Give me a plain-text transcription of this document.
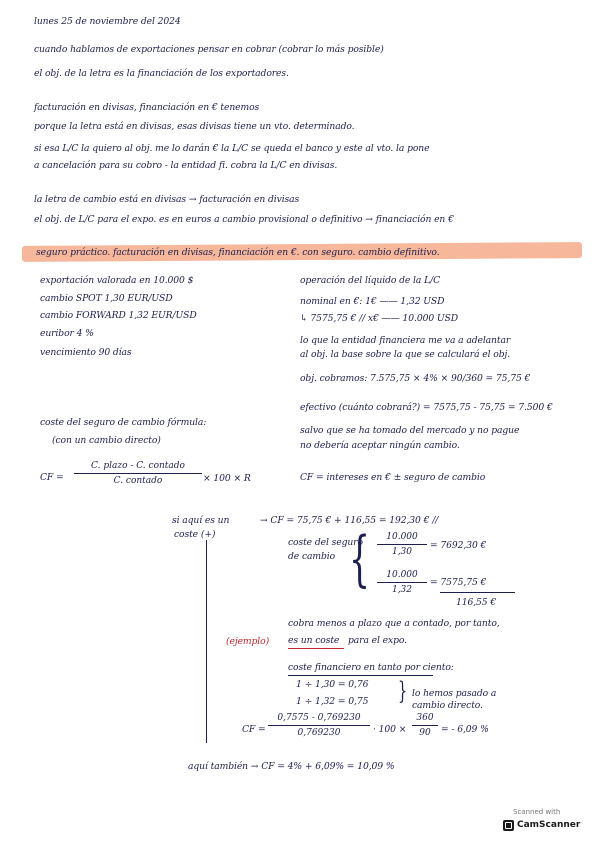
lunes 25 de noviembre del 2024
cuando hablamos de exportaciones pensar en cobrar (cobrar lo más posible)
el obj. de la letra es la financiación de los exportadores.
facturación en divisas, financiación en € tenemos
porque la letra está en divisas, esas divisas tiene un vto. determinado.
si esa L/C la quiero al obj. me lo darán € la L/C se queda el banco y este al vto. la pone
a cancelación para su cobro - la entidad fi. cobra la L/C en divisas.
la letra de cambio está en divisas → facturación en divisas
el obj. de L/C para el expo. es en euros a cambio provisional o definitivo → financiación en €
seguro práctico. facturación en divisas, financiación en €. con seguro. cambio definitivo.
exportación valorada en 10.000 $
cambio SPOT 1,30 EUR/USD
cambio FORWARD 1,32 EUR/USD
euribor 4 %
vencimiento 90 días
operación del líquido de la L/C
nominal en €: 1€ —— 1,32 USD
↳ 7575,75 € // x€ —— 10.000 USD
lo que la entidad financiera me va a adelantar
al obj. la base sobre la que se calculará el obj.
obj. cobramos: 7.575,75 × 4% × 90/360 = 75,75 €
efectivo (cuánto cobrará?) = 7575,75 - 75,75 = 7.500 €
salvo que se ha tomado del mercado y no pague
no debería aceptar ningún cambio.
coste del seguro de cambio fórmula:
(con un cambio directo)
CF =
C. plazo - C. contado
C. contado	× 100 × R	CF = intereses en € ± seguro de cambio
si aquí es un
coste (+)
→ CF = 75,75 € + 116,55 = 192,30 € //
coste del seguro
de cambio { $\frac{10.000}{1,30} = 7692,30$ €
$\frac{10.000}{1,32} = 7575,75$ €
116,55 €
cobra menos a plazo que a contado, por tanto,
(ejemplo) es un coste para el expo.
coste financiero en tanto por ciento:
1 ÷ 1,30 = 0,76
1 ÷ 1,32 = 0,75 } lo hemos pasado a cambio directo.
CF = $\frac{0,7575 - 0,769230}{0,769230} \cdot 100 \times \frac{360}{90}$ = - 6,09 %
aquí también → CF = 4% + 6,09% = 10,09 %
Scanned with
CamScanner
